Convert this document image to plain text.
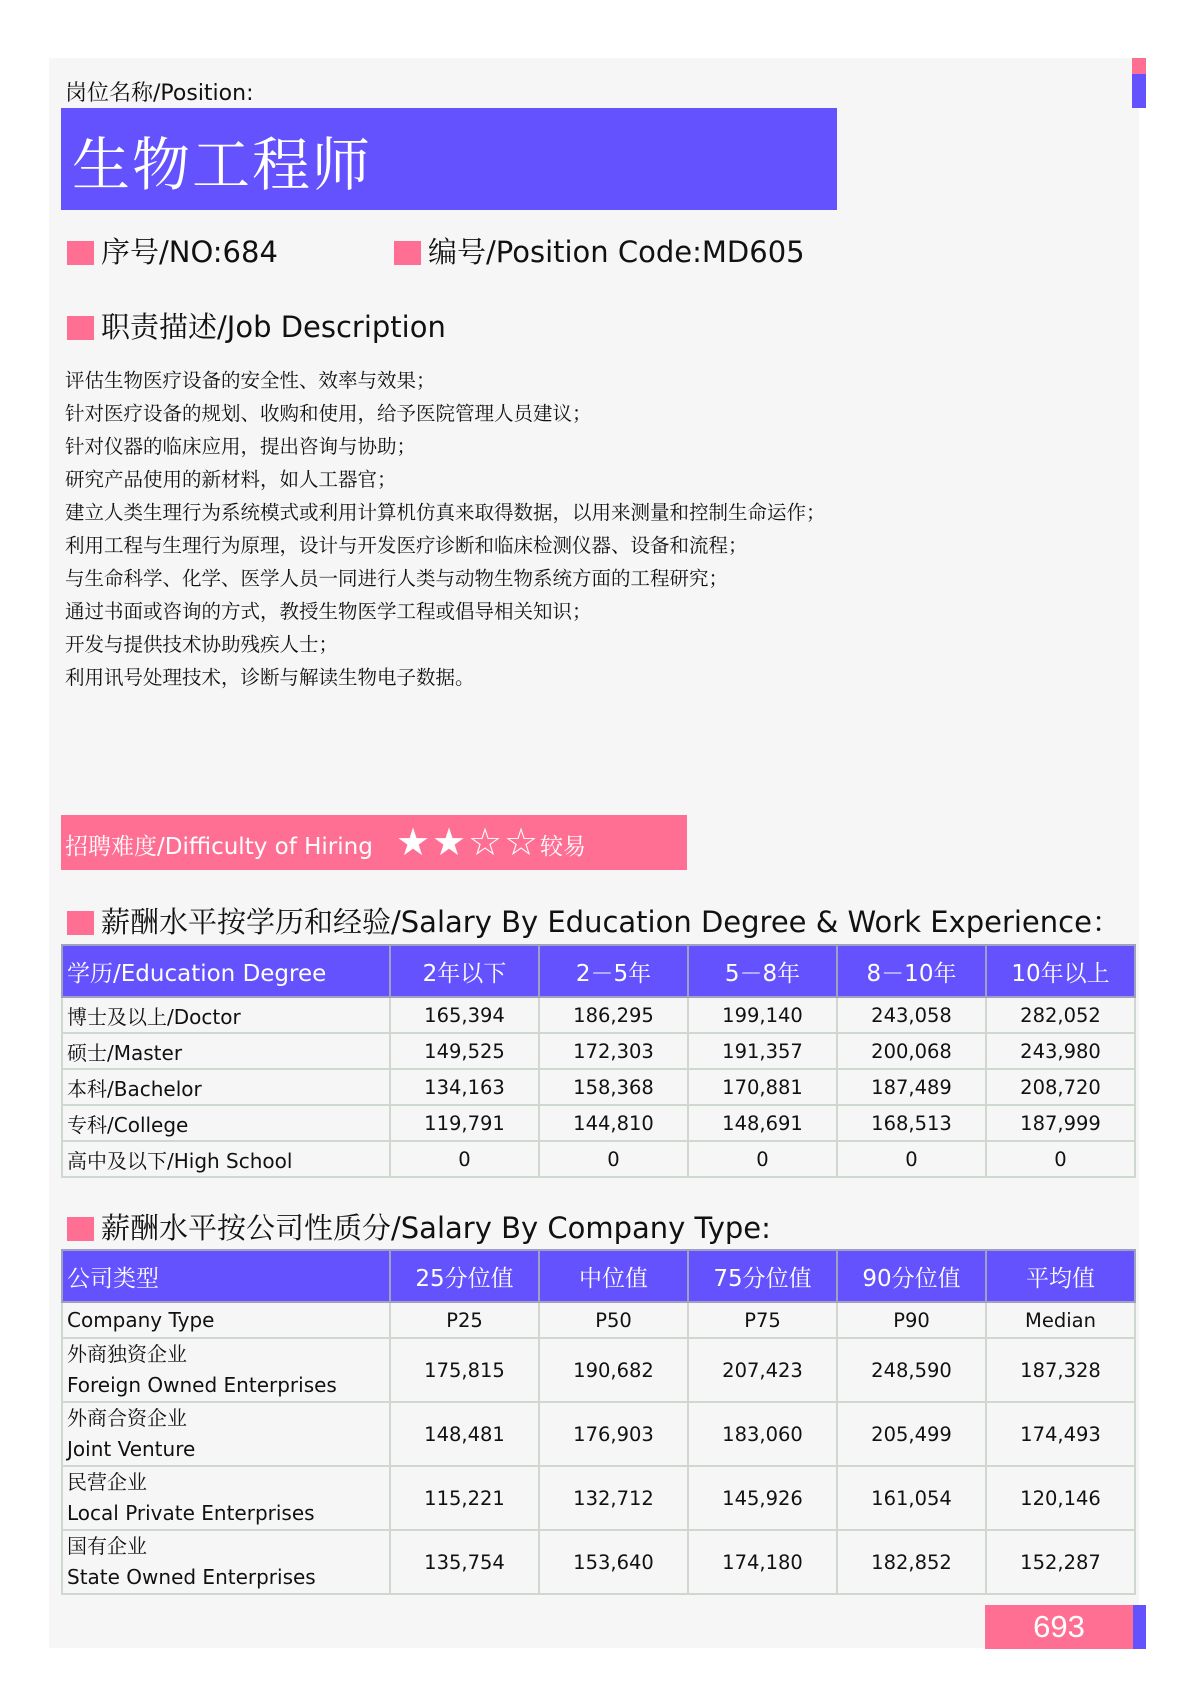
岗位名称/Position:
生物工程师
序号/NO:684	编号/Position Code:MD605
职责描述/Job Description
评估生物医疗设备的安全性、效率与效果；
针对医疗设备的规划、收购和使用，给予医院管理人员建议；
针对仪器的临床应用，提出咨询与协助；
研究产品使用的新材料，如人工器官；
建立人类生理行为系统模式或利用计算机仿真来取得数据，以用来测量和控制生命运作；
利用工程与生理行为原理，设计与开发医疗诊断和临床检测仪器、设备和流程；
与生命科学、化学、医学人员一同进行人类与动物生物系统方面的工程研究；
通过书面或咨询的方式，教授生物医学工程或倡导相关知识；
开发与提供技术协助残疾人士；
利用讯号处理技术，诊断与解读生物电子数据。
招聘难度/Difficulty of Hiring ★ ★ ☆ ☆ 较易
薪酬水平按学历和经验/Salary By Education Degree & Work Experience：
学历/Education Degree	2年以下	2－5年	5－8年	8－10年	10年以上
博士及以上/Doctor	165,394	186,295	199,140	243,058	282,052
硕士/Master	149,525	172,303	191,357	200,068	243,980
本科/Bachelor	134,163	158,368	170,881	187,489	208,720
专科/College	119,791	144,810	148,691	168,513	187,999
高中及以下/High School	0	0	0	0	0
薪酬水平按公司性质分/Salary By Company Type:
公司类型	25分位值	中位值	75分位值	90分位值	平均值
Company Type	P25	P50	P75	P90	Median

外商独资企业
Foreign Owned Enterprises	175,815	190,682	207,423	248,590	187,328

外商合资企业
Joint Venture	148,481	176,903	183,060	205,499	174,493

民营企业
Local Private Enterprises	115,221	132,712	145,926	161,054	120,146

国有企业
State Owned Enterprises	135,754	153,640	174,180	182,852	152,287
693
